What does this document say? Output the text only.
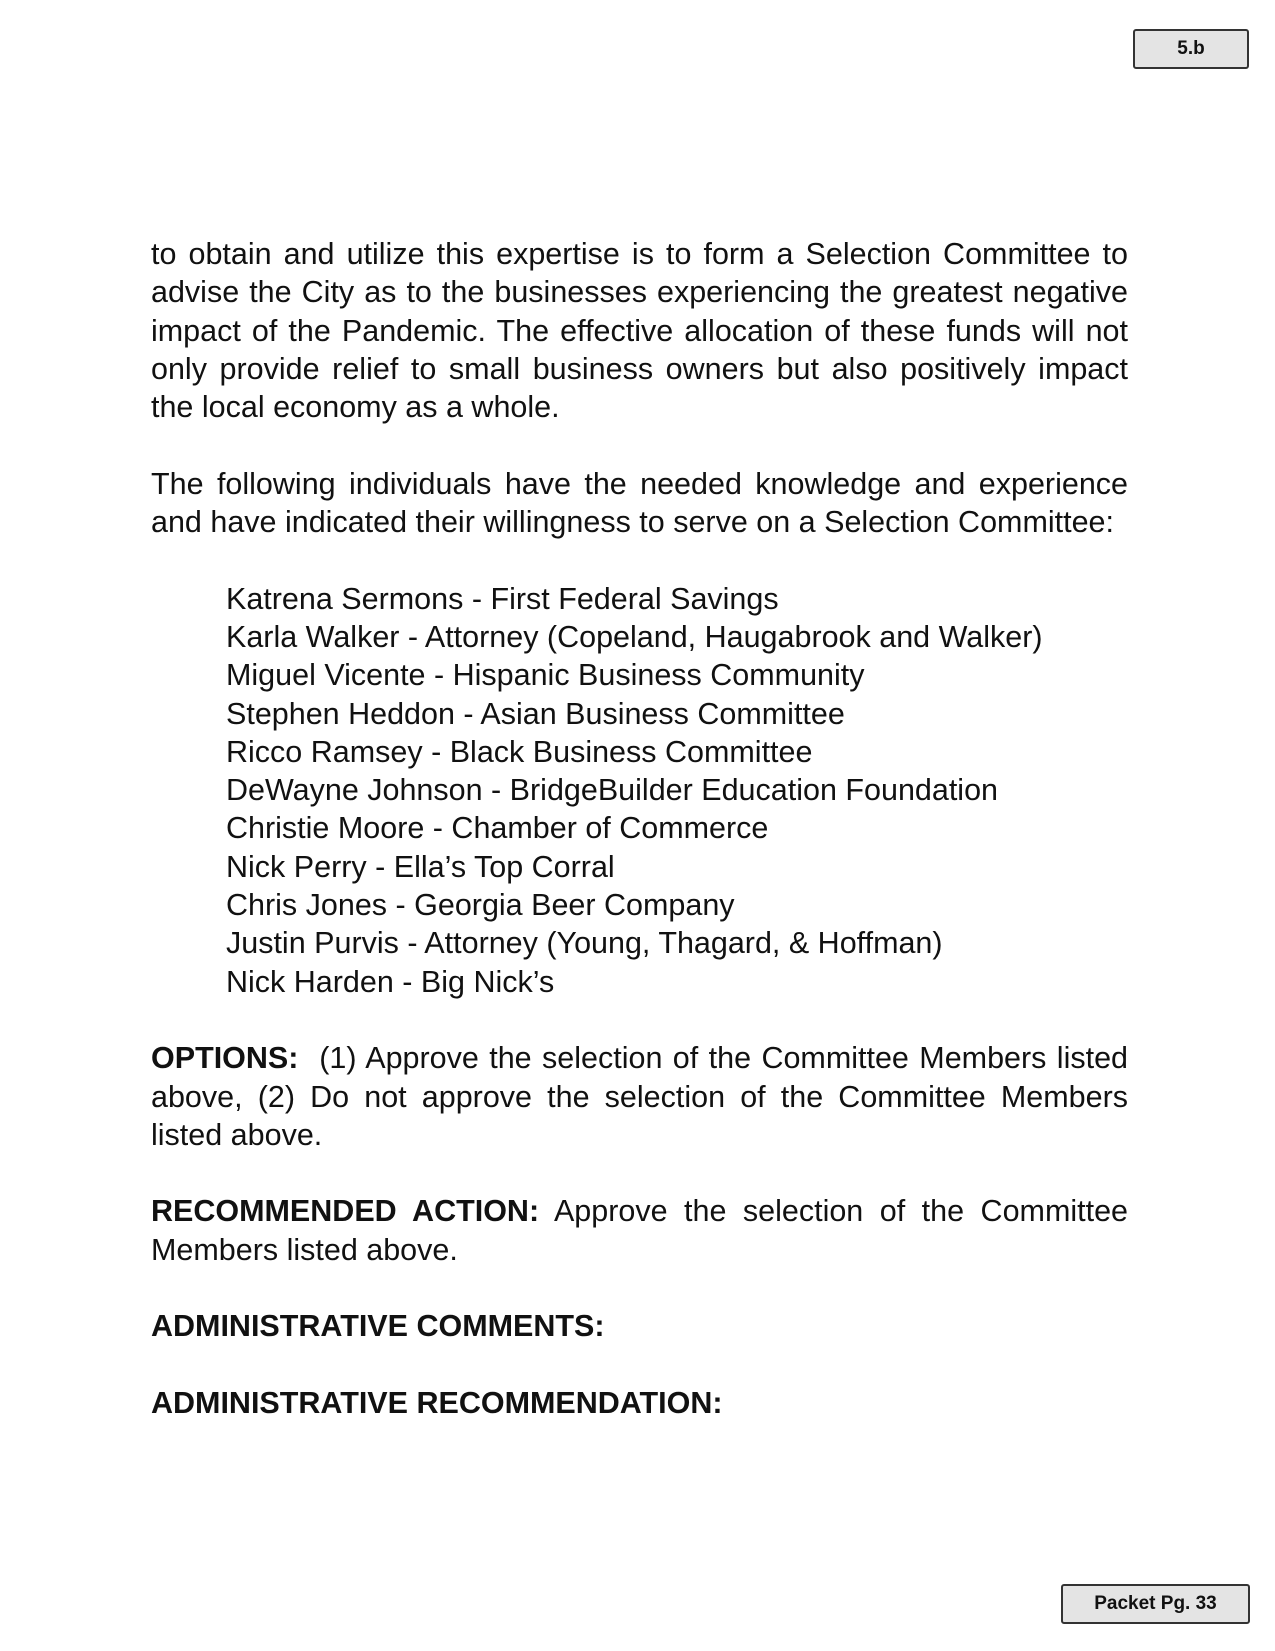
5.b

to obtain and utilize this expertise is to form a Selection Committee to advise the City as to the businesses experiencing the greatest negative impact of the Pandemic. The effective allocation of these funds will not only provide relief to small business owners but also positively impact the local economy as a whole.

The following individuals have the needed knowledge and experience and have indicated their willingness to serve on a Selection Committee:

Katrena Sermons - First Federal Savings
Karla Walker - Attorney (Copeland, Haugabrook and Walker)
Miguel Vicente - Hispanic Business Community
Stephen Heddon - Asian Business Committee
Ricco Ramsey - Black Business Committee
DeWayne Johnson - BridgeBuilder Education Foundation
Christie Moore - Chamber of Commerce
Nick Perry - Ella’s Top Corral
Chris Jones - Georgia Beer Company
Justin Purvis - Attorney (Young, Thagard, & Hoffman)
Nick Harden - Big Nick’s

OPTIONS: (1) Approve the selection of the Committee Members listed above, (2) Do not approve the selection of the Committee Members listed above.

RECOMMENDED ACTION: Approve the selection of the Committee Members listed above.

ADMINISTRATIVE COMMENTS:

ADMINISTRATIVE RECOMMENDATION:

Packet Pg. 33
